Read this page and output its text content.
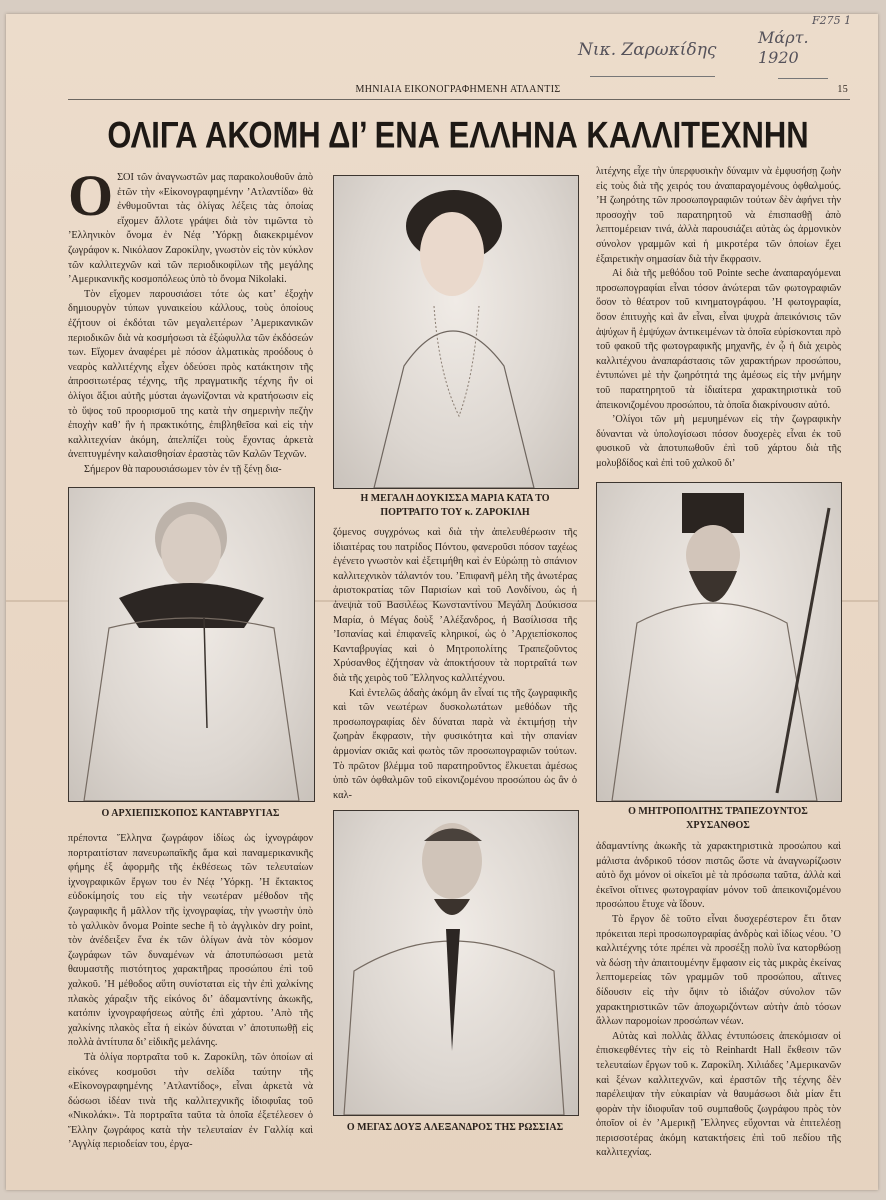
Νικ. Ζαρωκίδης
Μάρτ. 1920
F275 1
ΜΗΝΙΑΙΑ ΕΙΚΟΝΟΓΡΑΦΗΜΕΝΗ ΑΤΛΑΝΤΙΣ	15
ΟΛΙΓΑ ΑΚΟΜΗ ΔΙ’ ΕΝΑ ΕΛΛΗΝΑ ΚΑΛΛΙΤΕΧΝΗΝ
Ο ΣΟΙ τῶν ἀναγνωστῶν μας παρακολουθοῦν ἀπὸ ἐτῶν τὴν «Εἰκονογραφημένην ’Ατλαντίδα» θὰ ἐνθυμοῦνται τὰς ὀλίγας λέξεις τὰς ὁποίας εἴχομεν ἄλλοτε γράψει διὰ τὸν τιμῶντα τὸ ’Ελληνικὸν ὄνομα ἐν Νέᾳ ’Υόρκῃ διακεκριμένον ζωγράφον κ. Νικόλαον Ζαροκίλην, γνωστὸν εἰς τὸν κύκλον τῶν καλλιτεχνῶν καὶ τῶν περιοδικοφίλων τῆς μεγάλης ’Αμερικανικῆς κοσμοπόλεως ὑπὸ τὸ ὄνομα Nikolaki.

Τὸν εἴχομεν παρουσιάσει τότε ὡς κατ’ ἐξοχὴν δημιουργὸν τύπων γυναικείου κάλλους, τοὺς ὁποίους ἐζήτουν οἱ ἐκδόται τῶν μεγαλειτέρων ’Αμερικανικῶν περιοδικῶν διὰ νὰ κοσμήσωσι τὰ ἐξώφυλλα τῶν ἐκδόσεών των. Εἴχομεν ἀναφέρει μὲ πόσον ἁλματικὰς προόδους ὁ νεαρὸς καλλιτέχνης εἶχεν ὁδεύσει πρὸς κατάκτησιν τῆς ἀπροσιτωτέρας τέχνης, τῆς πραγματικῆς τέχνης ἣν οἱ ὀλίγοι ἄξιοι αὐτῆς μύσται ἀγωνίζονται νὰ κρατήσωσιν εἰς τὸ ὕψος τοῦ προορισμοῦ της κατὰ τὴν σημερινὴν πεζὴν ἐποχὴν καθ’ ἣν ἡ πρακτικότης, ἐπιβληθεῖσα καὶ εἰς τὴν καλλιτεχνίαν ἀκόμη, ἀπελπίζει τοὺς ἔχοντας ἀρκετὰ ἀνεπτυγμένην καλαισθησίαν ἐραστὰς τῶν Καλῶν Τεχνῶν.

Σήμερον θὰ παρουσιάσωμεν τὸν ἐν τῇ ξένῃ δια-

Η ΜΕΓΑΛΗ ΔΟΥΚΙΣΣΑ ΜΑΡΙΑ ΚΑΤΑ ΤΟ ΠΟΡΤΡΑΙΤΟ ΤΟΥ κ. ΖΑΡΟΚΙΛΗ

ζόμενος συγχρόνως καὶ διὰ τὴν ἀπελευθέρωσιν τῆς ἰδιαιτέρας του πατρίδος Πόντου, φανεροῦσι πόσον ταχέως ἐγένετο γνωστὸν καὶ ἐξετιμήθη καὶ ἐν Εὐρώπῃ τὸ σπάνιον καλλιτεχνικὸν τάλαντόν του. ’Επιφανῆ μέλη τῆς ἀνωτέρας ἀριστοκρατίας τῶν Παρισίων καὶ τοῦ Λονδίνου, ὡς ἡ ἀνεψιὰ τοῦ Βασιλέως Κωνσταντίνου Μεγάλη Δούκισσα Μαρία, ὁ Μέγας δοὺξ ’Αλέξανδρος, ἡ Βασίλισσα τῆς ’Ισπανίας καὶ ἐπιφανεῖς κληρικοί, ὡς ὁ ’Αρχιεπίσκοπος Κανταβρυγίας καὶ ὁ Μητροπολίτης Τραπεζοῦντος Χρύσανθος ἐζήτησαν νὰ ἀποκτήσουν τὰ πορτραῖτά των διὰ τῆς χειρὸς τοῦ Ἕλληνος καλλιτέχνου.

Καὶ ἐντελῶς ἀδαὴς ἀκόμη ἂν εἶναί τις τῆς ζωγραφικῆς καὶ τῶν νεωτέρων δυσκολωτάτων μεθόδων τῆς προσωπογραφίας δὲν δύναται παρὰ νὰ ἐκτιμήσῃ τὴν ζωηρὰν ἔκφρασιν, τὴν φυσικότητα καὶ τὴν σπανίαν ἁρμονίαν σκιᾶς καὶ φωτὸς τῶν προσωπογραφιῶν τούτων. Τὸ πρῶτον βλέμμα τοῦ παρατηροῦντος ἕλκυεται ἀμέσως ὑπὸ τῶν ὀφθαλμῶν τοῦ εἰκονιζομένου προσώπου ὡς ἂν ὁ καλ-

λιτέχνης εἶχε τὴν ὑπερφυσικὴν δύναμιν νὰ ἐμφυσήσῃ ζωὴν εἰς τοὺς διὰ τῆς χειρός του ἀναπαραγομένους ὀφθαλμούς. ’Η ζωηρότης τῶν προσωπογραφιῶν τούτων δὲν ἀφήνει τὴν προσοχὴν τοῦ παρατηρητοῦ νὰ ἐπισπασθῇ ἀπὸ λεπτομέρειαν τινά, ἀλλὰ παρουσιάζει αὐτὰς ὡς ἁρμονικὸν σύνολον γραμμῶν καὶ ἡ μικροτέρα τῶν ὁποίων ἔχει ἐξαιρετικὴν σημασίαν διὰ τὴν ἔκφρασιν.

Αἱ διὰ τῆς μεθόδου τοῦ Pointe seche ἀναπαραγόμεναι προσωπογραφίαι εἶναι τόσον ἀνώτεραι τῶν φωτογραφιῶν ὅσον τὸ θέατρον τοῦ κινηματογράφου. ’Η φωτογραφία, ὅσον ἐπιτυχὴς καὶ ἂν εἶναι, εἶναι ψυχρὰ ἀπεικόνισις τῶν ἀψύχων ἢ ἐμψύχων ἀντικειμένων τὰ ὁποῖα εὑρίσκονται πρὸ τοῦ φακοῦ τῆς φωτογραφικῆς μηχανῆς, ἐν ᾧ ἡ διὰ χειρὸς καλλιτέχνου ἀναπαράστασις τῶν χαρακτήρων προσώπου, ἐντυπώνει μὲ τὴν ζωηρότητά της ἀμέσως εἰς τὴν μνήμην τοῦ παρατηρητοῦ τὰ ἰδιαίτερα χαρακτηριστικὰ τοῦ ἀπεικονιζομένου προσώπου, τὰ ὁποῖα διακρίνουσιν αὐτό.

’Ολίγοι τῶν μὴ μεμυημένων εἰς τὴν ζωγραφικὴν δύνανται νὰ ὑπολογίσωσι πόσον δυσχερὲς εἶναι ἐκ τοῦ φυσικοῦ νὰ ἀποτυπωθοῦν ἐπὶ τοῦ χάρτου διὰ τῆς μολυβδίδος καὶ ἐπὶ τοῦ χαλκοῦ δι’

Ο ΑΡΧΙΕΠΙΣΚΟΠΟΣ ΚΑΝΤΑΒΡΥΓΙΑΣ	Ο ΜΗΤΡΟΠΟΛΙΤΗΣ ΤΡΑΠΕΖΟΥΝΤΟΣ ΧΡΥΣΑΝΘΟΣ

πρέποντα Ἕλληνα ζωγράφον ἰδίως ὡς ἰχνογράφον πορτραιτίσταν πανευρωπαϊκῆς ἅμα καὶ παναμερικανικῆς φήμης ἐξ ἀφορμῆς τῆς ἐκθέσεως τῶν τελευταίων ἰχνογραφικῶν ἔργων του ἐν Νέᾳ ’Υόρκῃ. ’Η ἔκτακτος εὐδοκίμησίς του εἰς τὴν νεωτέραν μέθοδον τῆς ζωγραφικῆς ἢ μᾶλλον τῆς ἰχνογραφίας, τὴν γνωστὴν ὑπὸ τὸ γαλλικὸν ὄνομα Pointe seche ἢ τὸ ἀγγλικὸν dry point, τὸν ἀνέδειξεν ἕνα ἐκ τῶν ὀλίγων ἀνὰ τὸν κόσμον ζωγράφων τῶν δυναμένων νὰ ἀποτυπώσωσι μετὰ θαυμαστῆς πιστότητος χαρακτῆρας προσώπου ἐπὶ τοῦ χαλκοῦ. ’Η μέθοδος αὕτη συνίσταται εἰς τὴν ἐπὶ χαλκίνης πλακὸς χάραξιν τῆς εἰκόνος δι’ ἀδαμαντίνης ἀκωκῆς, κατόπιν ἰχνογραφήσεως αὐτῆς ἐπὶ χάρτου. ’Απὸ τῆς χαλκίνης πλακὸς εἶτα ἡ εἰκὼν δύναται ν’ ἀποτυπωθῇ εἰς πολλὰ ἀντίτυπα δι’ εἰδικῆς μελάνης.

Τὰ ὀλίγα πορτραῖτα τοῦ κ. Ζαροκίλη, τῶν ὁποίων αἱ εἰκόνες κοσμοῦσι τὴν σελίδα ταύτην τῆς «Εἰκονογραφημένης ’Ατλαντίδος», εἶναι ἀρκετὰ νὰ δώσωσι ἰδέαν τινὰ τῆς καλλιτεχνικῆς ἰδιοφυΐας τοῦ «Νικολάκι». Τὰ πορτραῖτα ταῦτα τὰ ὁποῖα ἐξετέλεσεν ὁ Ἕλλην ζωγράφος κατὰ τὴν τελευταίαν ἐν Γαλλίᾳ καὶ ’Αγγλίᾳ περιοδείαν του, ἐργα-

Ο ΜΕΓΑΣ ΔΟΥΞ ΑΛΕΞΑΝΔΡΟΣ ΤΗΣ ΡΩΣΣΙΑΣ

ἀδαμαντίνης ἀκωκῆς τὰ χαρακτηριστικὰ προσώπου καὶ μάλιστα ἀνδρικοῦ τόσον πιστῶς ὥστε νὰ ἀναγνωρίζωσιν αὐτὸ ὄχι μόνον οἱ οἰκεῖοι μὲ τὰ πρόσωπα ταῦτα, ἀλλὰ καὶ ἐκεῖνοι οἵτινες φωτογραφίαν μόνον τοῦ ἀπεικονιζομένου προσώπου ἔτυχε νὰ ἴδουν.

Τὸ ἔργον δὲ τοῦτο εἶναι δυσχερέστερον ἔτι ὅταν πρόκειται περὶ προσωπογραφίας ἀνδρὸς καὶ ἰδίως νέου. ’Ο καλλιτέχνης τότε πρέπει νὰ προσέξῃ πολὺ ἵνα κατορθώσῃ νὰ δώσῃ τὴν ἀπαιτουμένην ἔμφασιν εἰς τὰς μικρὰς ἐκείνας λεπτομερείας τῶν γραμμῶν τοῦ προσώπου, αἵτινες δίδουσιν εἰς τὴν ὄψιν τὸ ἰδιάζον σύνολον τῶν χαρακτηριστικῶν τῶν ἀποχωριζόντων αὐτὴν ἀπὸ τόσων ἄλλων παρομοίων προσώπων νέων.

Αὐτὰς καὶ πολλὰς ἄλλας ἐντυπώσεις ἀπεκόμισαν οἱ ἐπισκεφθέντες τὴν εἰς τὸ Reinhardt Hall ἔκθεσιν τῶν τελευταίων ἔργων τοῦ κ. Ζαροκίλη. Χιλιάδες ’Αμερικανῶν καὶ ξένων καλλιτεχνῶν, καὶ ἐραστῶν τῆς τέχνης δὲν παρέλειψαν τὴν εὐκαιρίαν νὰ θαυμάσωσι διὰ μίαν ἔτι φορὰν τὴν ἰδιοφυΐαν τοῦ συμπαθοῦς ζωγράφου πρὸς τὸν ὁποῖον οἱ ἐν ’Αμερικῇ Ἕλληνες εὔχονται νὰ ἐπιτελέσῃ περισσοτέρας ἀκόμη κατακτήσεις ἐπὶ τοῦ πεδίου τῆς καλλιτεχνίας.
